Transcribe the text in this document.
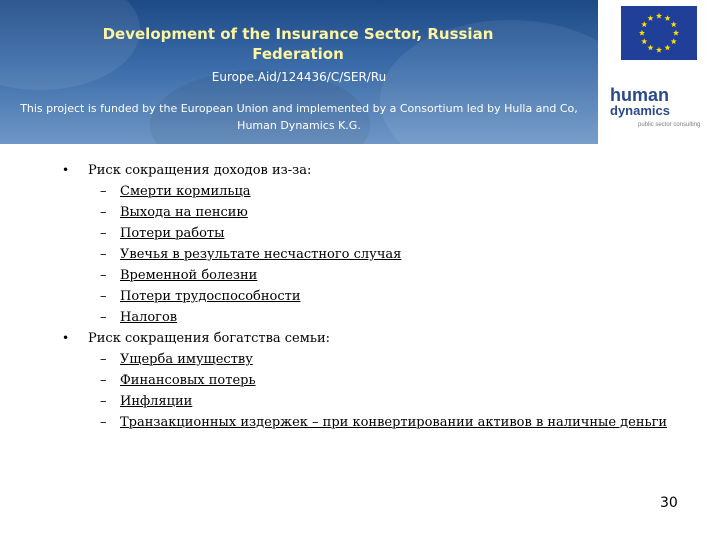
Development of the Insurance Sector, Russian Federation
Europe.Aid/124436/C/SER/Ru
This project is funded by the European Union and implemented by a Consortium led by Hulla and Co, Human Dynamics K.G.
human
dynamics
public sector consulting
• Риск сокращения доходов из-за:
– Смерти кормильца
– Выхода на пенсию
– Потери работы
– Увечья в результате несчастного случая
– Временной болезни
– Потери трудоспособности
– Налогов
• Риск сокращения богатства семьи:
– Ущерба имуществу
– Финансовых потерь
– Инфляции
– Транзакционных издержек – при конвертировании активов в наличные деньги
30
